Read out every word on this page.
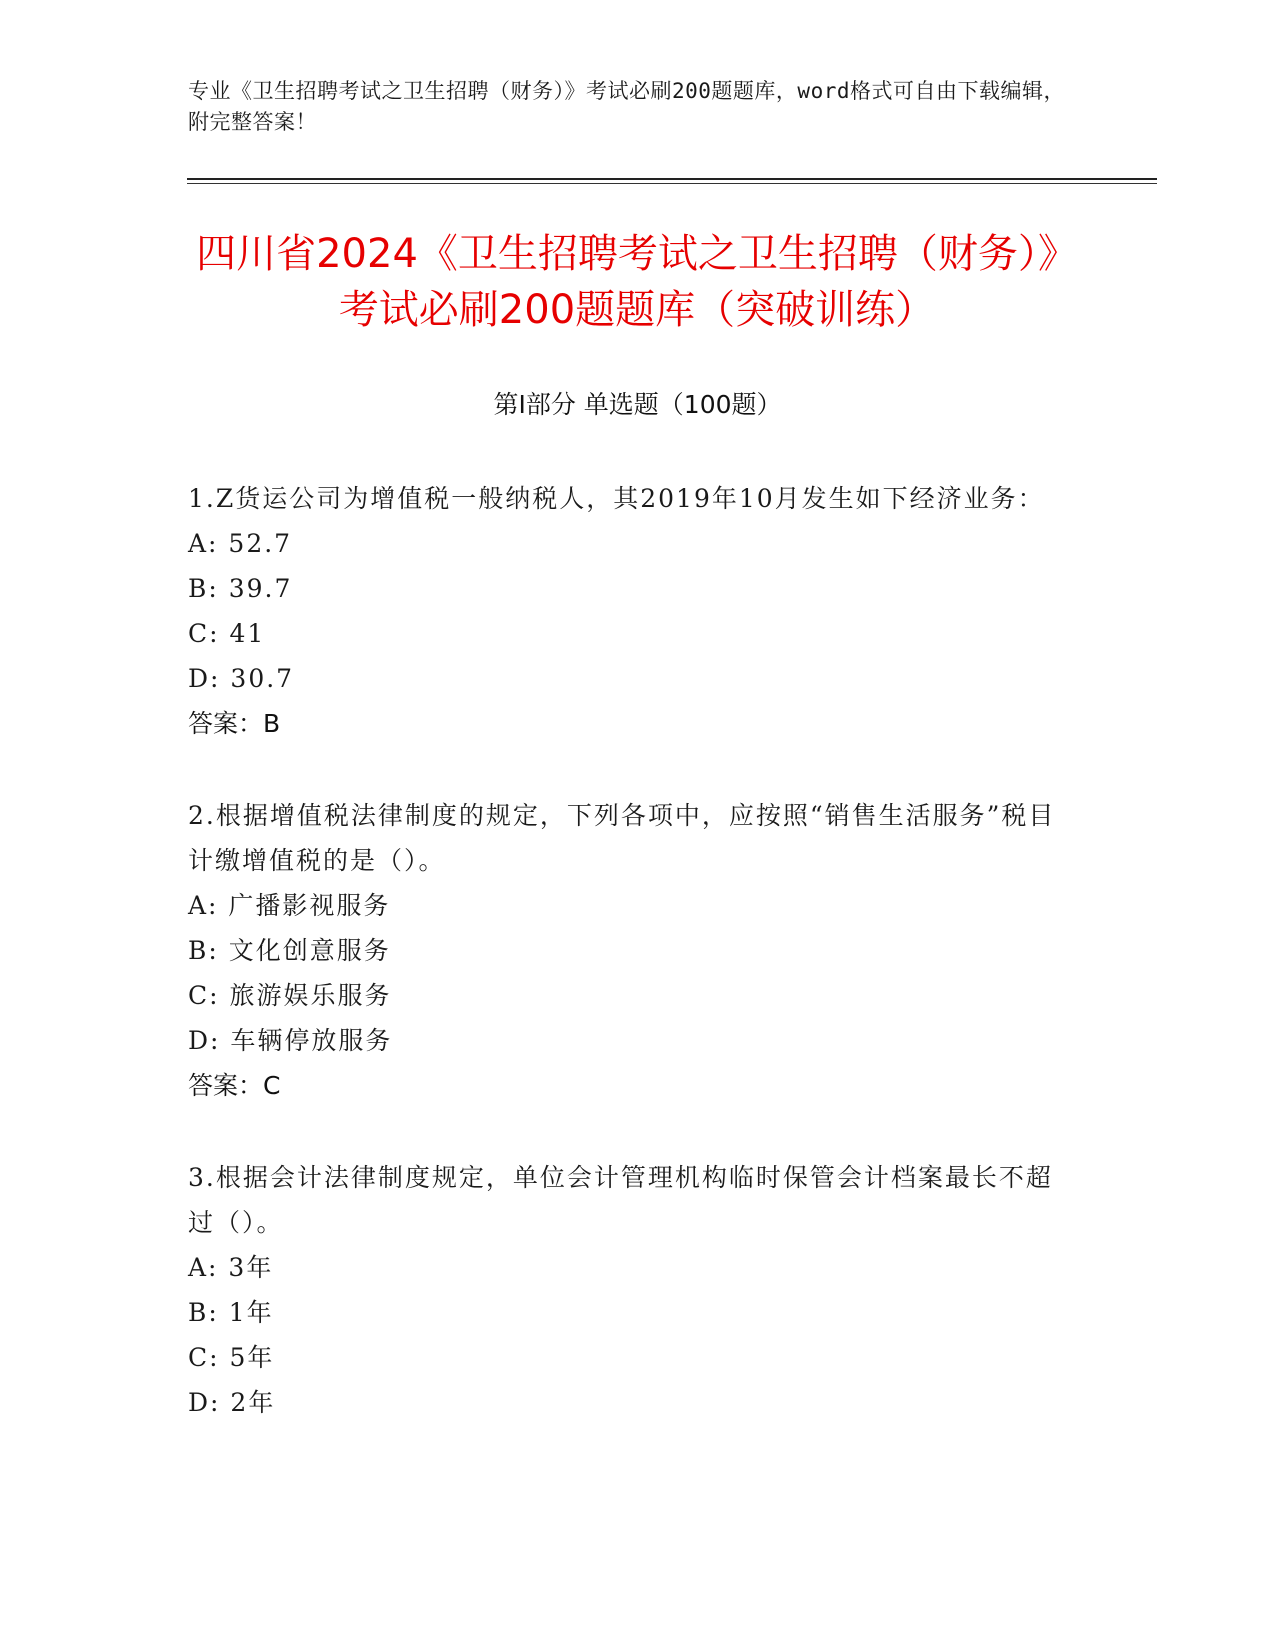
专业《卫生招聘考试之卫生招聘（财务）》考试必刷200题题库，word格式可自由下载编辑，附完整答案！
四川省2024《卫生招聘考试之卫生招聘（财务）》考试必刷200题题库（突破训练）
第I部分 单选题（100题）
1.Z货运公司为增值税一般纳税人，其2019年10月发生如下经济业务：
A: 52.7
B: 39.7
C: 41
D: 30.7
答案：B
2.根据增值税法律制度的规定，下列各项中，应按照“销售生活服务”税目计缴增值税的是（）。
A: 广播影视服务
B: 文化创意服务
C: 旅游娱乐服务
D: 车辆停放服务
答案：C
3.根据会计法律制度规定，单位会计管理机构临时保管会计档案最长不超过（）。
A: 3年
B: 1年
C: 5年
D: 2年
